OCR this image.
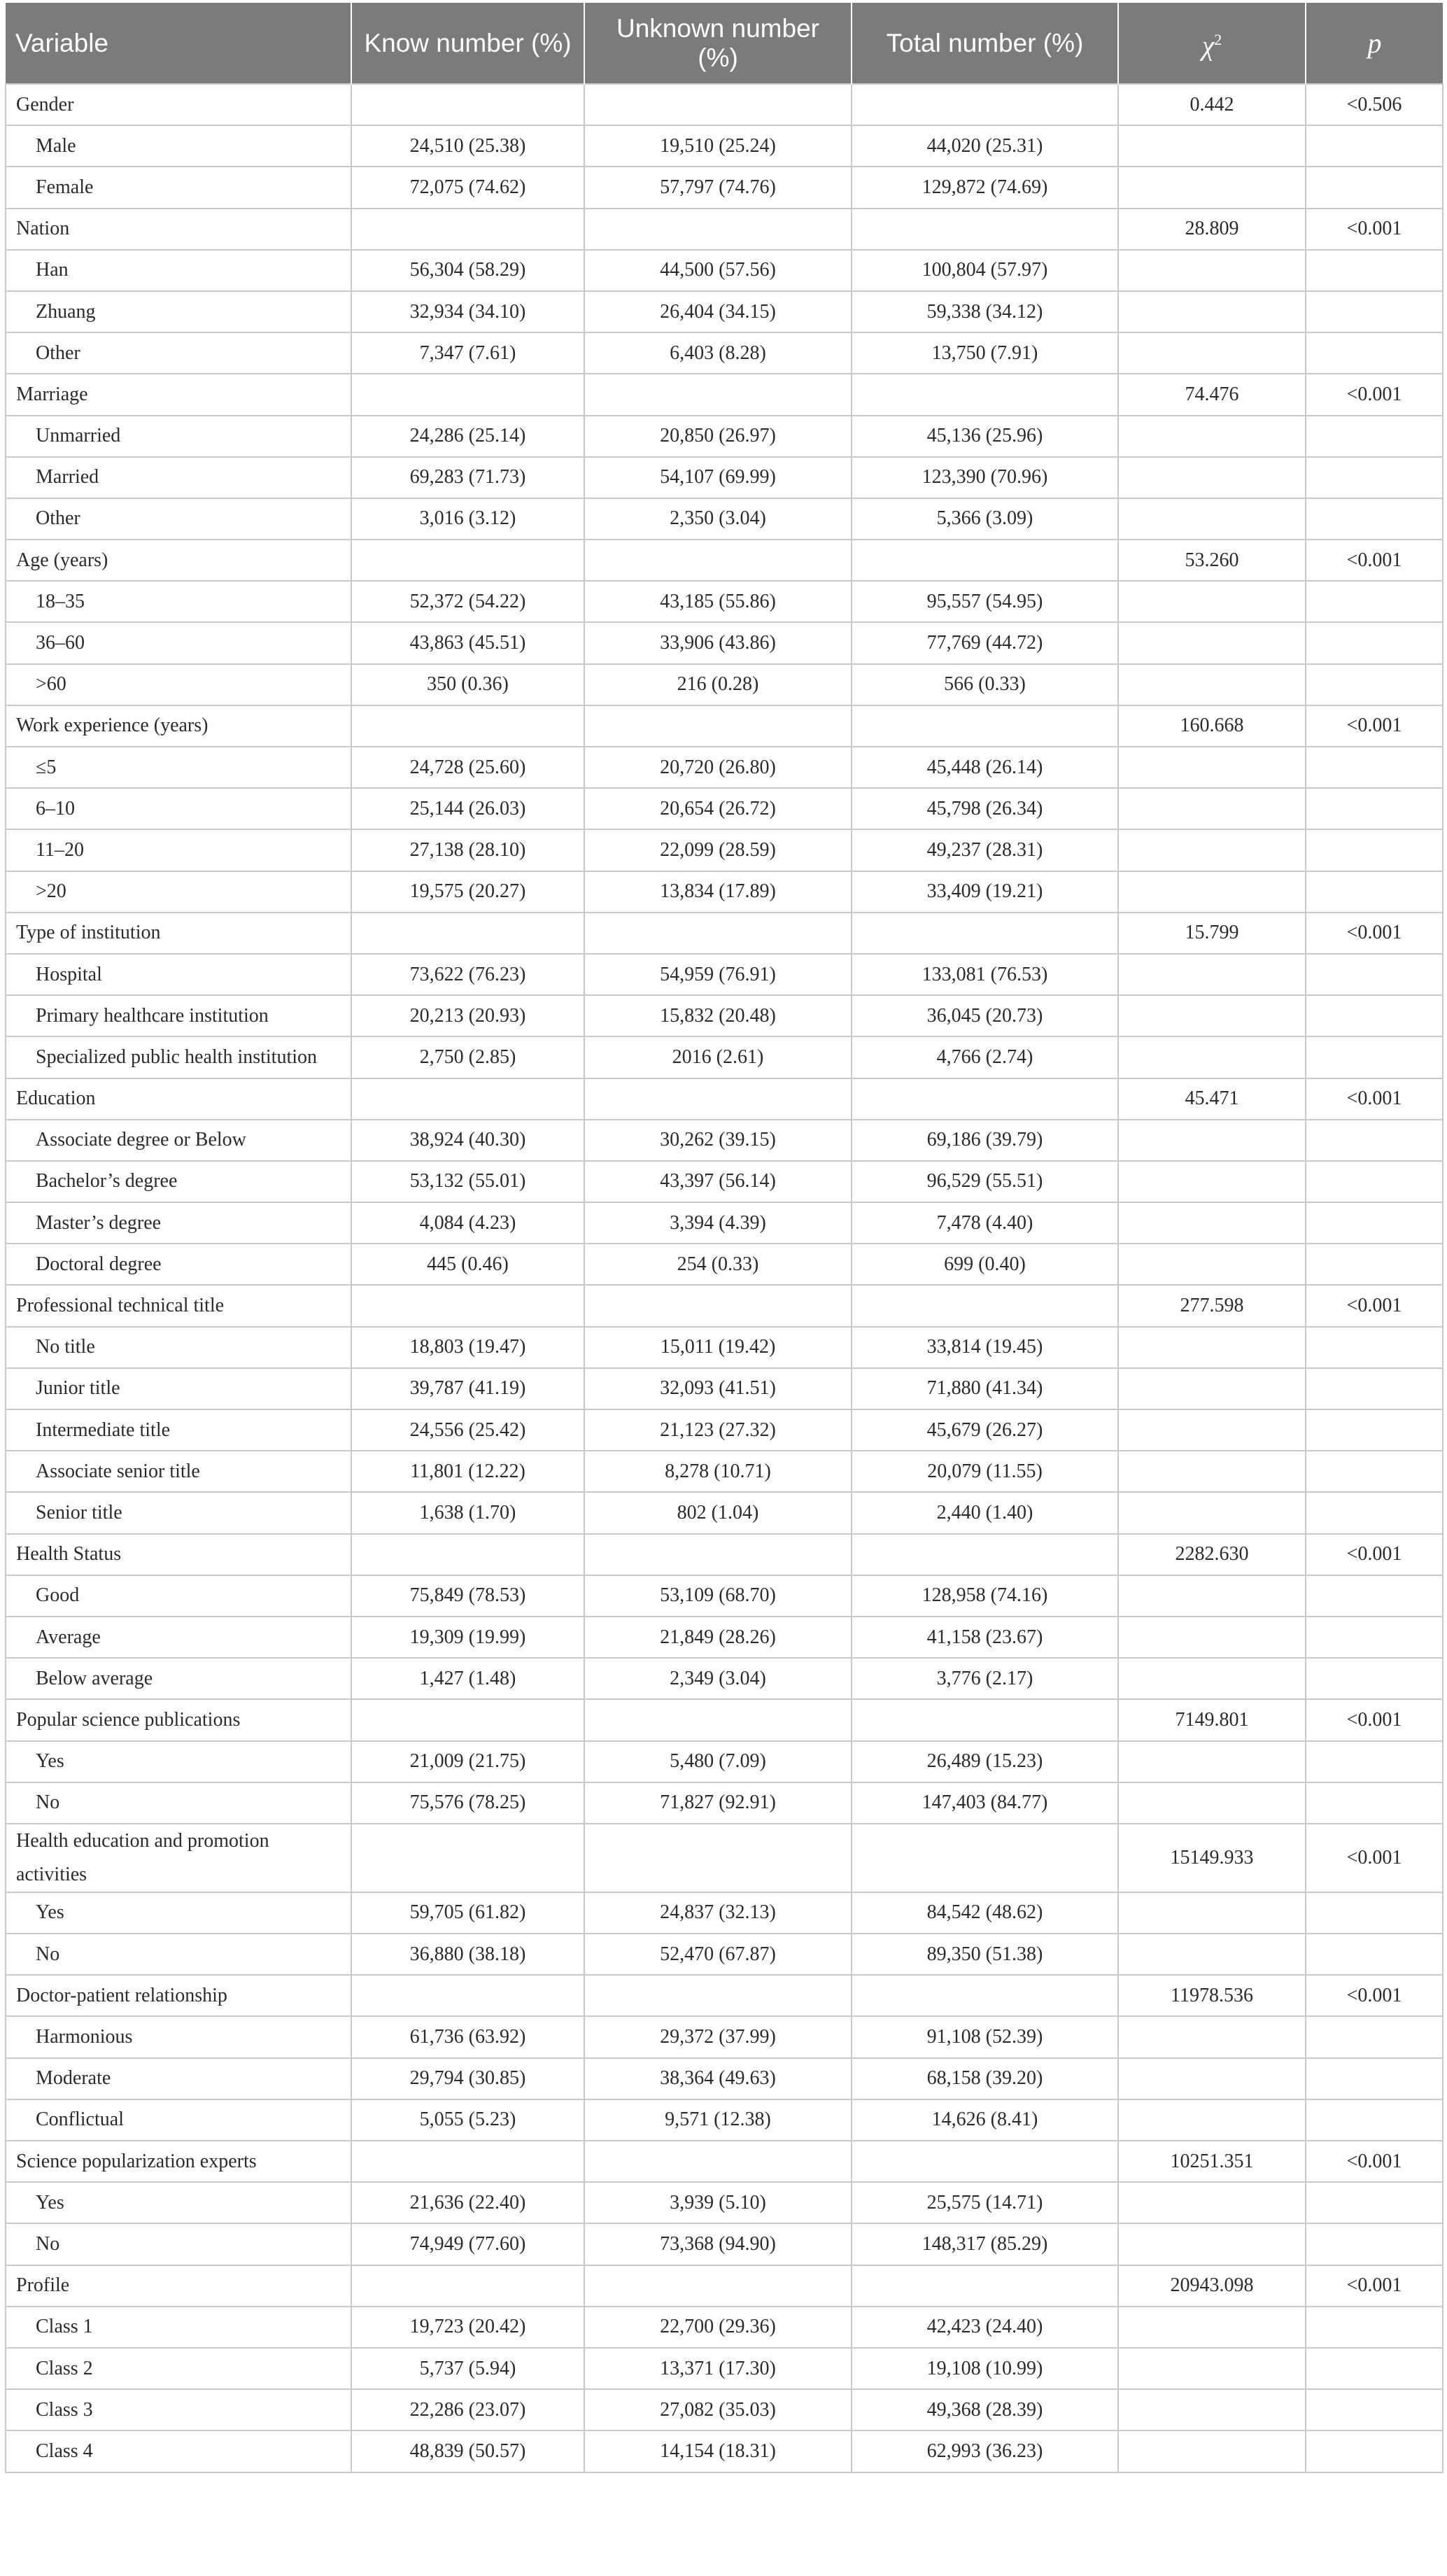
Variable	Know number (%)	Unknown number (%)	Total number (%)	$\chi^2$	p
Gender				0.442	<0.506
Male	24,510 (25.38)	19,510 (25.24)	44,020 (25.31)		
Female	72,075 (74.62)	57,797 (74.76)	129,872 (74.69)		
Nation				28.809	<0.001
Han	56,304 (58.29)	44,500 (57.56)	100,804 (57.97)		
Zhuang	32,934 (34.10)	26,404 (34.15)	59,338 (34.12)		
Other	7,347 (7.61)	6,403 (8.28)	13,750 (7.91)		
Marriage				74.476	<0.001
Unmarried	24,286 (25.14)	20,850 (26.97)	45,136 (25.96)		
Married	69,283 (71.73)	54,107 (69.99)	123,390 (70.96)		
Other	3,016 (3.12)	2,350 (3.04)	5,366 (3.09)		
Age (years)				53.260	<0.001
18–35	52,372 (54.22)	43,185 (55.86)	95,557 (54.95)		
36–60	43,863 (45.51)	33,906 (43.86)	77,769 (44.72)		
>60	350 (0.36)	216 (0.28)	566 (0.33)		
Work experience (years)				160.668	<0.001
≤5	24,728 (25.60)	20,720 (26.80)	45,448 (26.14)		
6–10	25,144 (26.03)	20,654 (26.72)	45,798 (26.34)		
11–20	27,138 (28.10)	22,099 (28.59)	49,237 (28.31)		
>20	19,575 (20.27)	13,834 (17.89)	33,409 (19.21)		
Type of institution				15.799	<0.001
Hospital	73,622 (76.23)	54,959 (76.91)	133,081 (76.53)		
Primary healthcare institution	20,213 (20.93)	15,832 (20.48)	36,045 (20.73)		
Specialized public health institution	2,750 (2.85)	2016 (2.61)	4,766 (2.74)		
Education				45.471	<0.001
Associate degree or Below	38,924 (40.30)	30,262 (39.15)	69,186 (39.79)		
Bachelor’s degree	53,132 (55.01)	43,397 (56.14)	96,529 (55.51)		
Master’s degree	4,084 (4.23)	3,394 (4.39)	7,478 (4.40)		
Doctoral degree	445 (0.46)	254 (0.33)	699 (0.40)		
Professional technical title				277.598	<0.001
No title	18,803 (19.47)	15,011 (19.42)	33,814 (19.45)		
Junior title	39,787 (41.19)	32,093 (41.51)	71,880 (41.34)		
Intermediate title	24,556 (25.42)	21,123 (27.32)	45,679 (26.27)		
Associate senior title	11,801 (12.22)	8,278 (10.71)	20,079 (11.55)		
Senior title	1,638 (1.70)	802 (1.04)	2,440 (1.40)		
Health Status				2282.630	<0.001
Good	75,849 (78.53)	53,109 (68.70)	128,958 (74.16)		
Average	19,309 (19.99)	21,849 (28.26)	41,158 (23.67)		
Below average	1,427 (1.48)	2,349 (3.04)	3,776 (2.17)		
Popular science publications				7149.801	<0.001
Yes	21,009 (21.75)	5,480 (7.09)	26,489 (15.23)		
No	75,576 (78.25)	71,827 (92.91)	147,403 (84.77)		
Health education and promotion activities				15149.933	<0.001
Yes	59,705 (61.82)	24,837 (32.13)	84,542 (48.62)		
No	36,880 (38.18)	52,470 (67.87)	89,350 (51.38)		
Doctor-patient relationship				11978.536	<0.001
Harmonious	61,736 (63.92)	29,372 (37.99)	91,108 (52.39)		
Moderate	29,794 (30.85)	38,364 (49.63)	68,158 (39.20)		
Conflictual	5,055 (5.23)	9,571 (12.38)	14,626 (8.41)		
Science popularization experts				10251.351	<0.001
Yes	21,636 (22.40)	3,939 (5.10)	25,575 (14.71)		
No	74,949 (77.60)	73,368 (94.90)	148,317 (85.29)		
Profile				20943.098	<0.001
Class 1	19,723 (20.42)	22,700 (29.36)	42,423 (24.40)		
Class 2	5,737 (5.94)	13,371 (17.30)	19,108 (10.99)		
Class 3	22,286 (23.07)	27,082 (35.03)	49,368 (28.39)		
Class 4	48,839 (50.57)	14,154 (18.31)	62,993 (36.23)		
